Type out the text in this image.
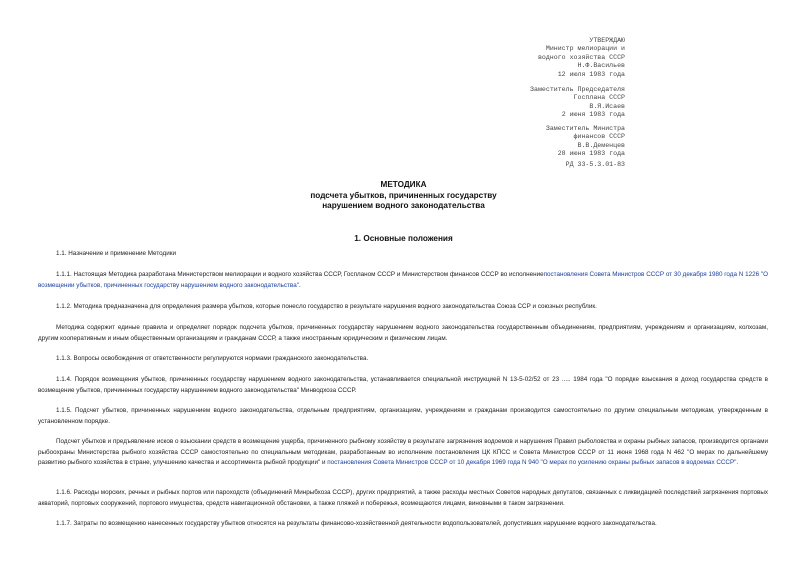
УТВЕРЖДАЮ
Министр мелиорации и
водного хозяйства СССР
Н.Ф.Васильев
12 июля 1983 года
Заместитель Председателя
Госплана СССР
В.Я.Исаев
2 июня 1983 года
Заместитель Министра
финансов СССР
В.В.Деменцев
28 июня 1983 года
РД 33-5.3.01-83
МЕТОДИКА
подсчета убытков, причиненных государству
нарушением водного законодательства
1. Основные положения
1.1. Назначение и применение Методики
1.1.1. Настоящая Методика разработана Министерством мелиорации и водного хозяйства СССР, Госпланом СССР и Министерством финансов СССР во исполнениепостановления Совета Министров СССР от 30 декабря 1980 года N 1226 "О возмещении убытков, причиненных государству нарушением водного законодательства".
1.1.2. Методика предназначена для определения размера убытков, которые понесло государство в результате нарушения водного законодательства Союза ССР и союзных республик.
Методика содержит единые правила и определяет порядок подсчета убытков, причиненных государству нарушением водного законодательства государственным объединениям, предприятиям, учреждениям и организациям, колхозам, другим кооперативным и иным общественным организациям и гражданам СССР, а также иностранным юридическим и физическим лицам.
1.1.3. Вопросы освобождения от ответственности регулируются нормами гражданского законодательства.
1.1.4. Порядок возмещения убытков, причиненных государству нарушением водного законодательства, устанавливается специальной инструкцией N 13-5-02/52 от 23 ..... 1984 года "О порядке взыскания в доход государства средств в возмещение убытков, причиненных государству нарушением водного законодательства" Минводхоза СССР.
1.1.5. Подсчет убытков, причиненных нарушением водного законодательства, отдельным предприятиям, организациям, учреждениям и гражданам производится самостоятельно по другим специальным методикам, утвержденным в установленном порядке.
Подсчет убытков и предъявление исков о взыскании средств в возмещение ущерба, причиненного рыбному хозяйству в результате загрязнения водоемов и нарушения Правил рыболовства и охраны рыбных запасов, производится органами рыбоохраны Министерства рыбного хозяйства СССР самостоятельно по специальным методикам, разработанным во исполнение постановления ЦК КПСС и Совета Министров СССР от 11 июня 1968 года N 462 "О мерах по дальнейшему развитию рыбного хозяйства в стране, улучшению качества и ассортимента рыбной продукции" и постановления Совета Министров СССР от 10 декабря 1969 года N 940 "О мерах по усилению охраны рыбных запасов в водоемах СССР".
1.1.6. Расходы морских, речных и рыбных портов или пароходств (объединений Минрыбхоза СССР), других предприятий, а также расходы местных Советов народных депутатов, связанных с ликвидацией последствий загрязнения портовых акваторий, портовых сооружений, портового имущества, средств навигационной обстановки, а также пляжей и побережья, возмещаются лицами, виновными в таком загрязнении.
1.1.7. Затраты по возмещению нанесенных государству убытков относятся на результаты финансово-хозяйственной деятельности водопользователей, допустивших нарушение водного законодательства.
